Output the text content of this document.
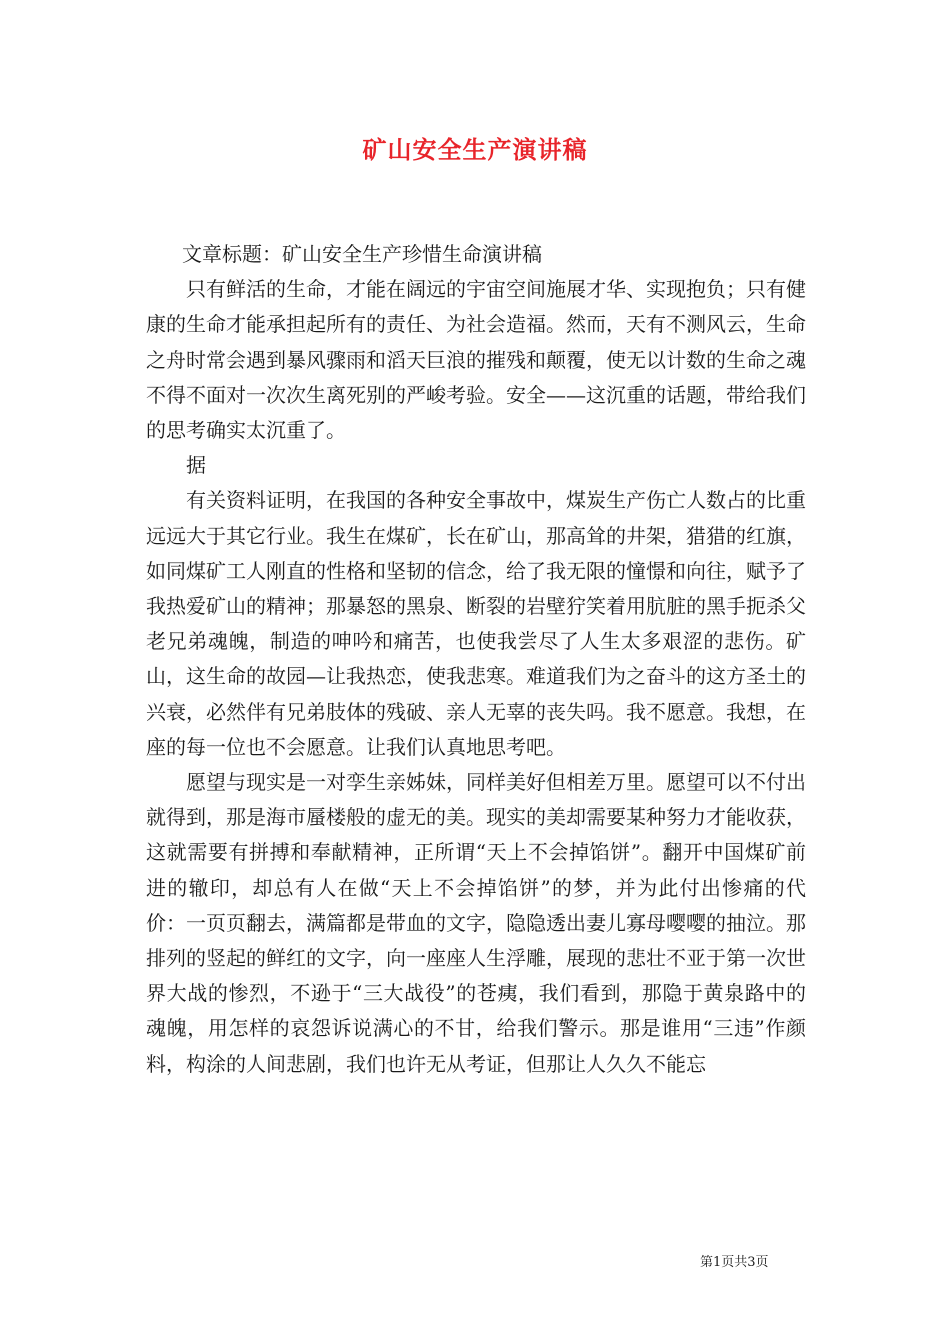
矿山安全生产演讲稿

文章标题：矿山安全生产珍惜生命演讲稿

只有鲜活的生命，才能在阔远的宇宙空间施展才华、实现抱负；只有健康的生命才能承担起所有的责任、为社会造福。然而，天有不测风云，生命之舟时常会遇到暴风骤雨和滔天巨浪的摧残和颠覆，使无以计数的生命之魂不得不面对一次次生离死别的严峻考验。安全——这沉重的话题，带给我们的思考确实太沉重了。

据

有关资料证明，在我国的各种安全事故中，煤炭生产伤亡人数占的比重远远大于其它行业。我生在煤矿，长在矿山，那高耸的井架，猎猎的红旗，如同煤矿工人刚直的性格和坚韧的信念，给了我无限的憧憬和向往，赋予了我热爱矿山的精神；那暴怒的黑泉、断裂的岩壁狞笑着用肮脏的黑手扼杀父老兄弟魂魄，制造的呻吟和痛苦，也使我尝尽了人生太多艰涩的悲伤。矿山，这生命的故园—让我热恋，使我悲寒。难道我们为之奋斗的这方圣土的兴衰，必然伴有兄弟肢体的残破、亲人无辜的丧失吗。我不愿意。我想，在座的每一位也不会愿意。让我们认真地思考吧。

愿望与现实是一对孪生亲姊妹，同样美好但相差万里。愿望可以不付出就得到，那是海市蜃楼般的虚无的美。现实的美却需要某种努力才能收获，这就需要有拼搏和奉献精神，正所谓“天上不会掉馅饼”。翻开中国煤矿前进的辙印，却总有人在做“天上不会掉馅饼”的梦，并为此付出惨痛的代价：一页页翻去，满篇都是带血的文字，隐隐透出妻儿寡母嘤嘤的抽泣。那排列的竖起的鲜红的文字，向一座座人生浮雕，展现的悲壮不亚于第一次世界大战的惨烈，不逊于“三大战役”的苍痍，我们看到，那隐于黄泉路中的魂魄，用怎样的哀怨诉说满心的不甘，给我们警示。那是谁用“三违”作颜料，构涂的人间悲剧，我们也许无从考证，但那让人久久不能忘

第1页共3页
